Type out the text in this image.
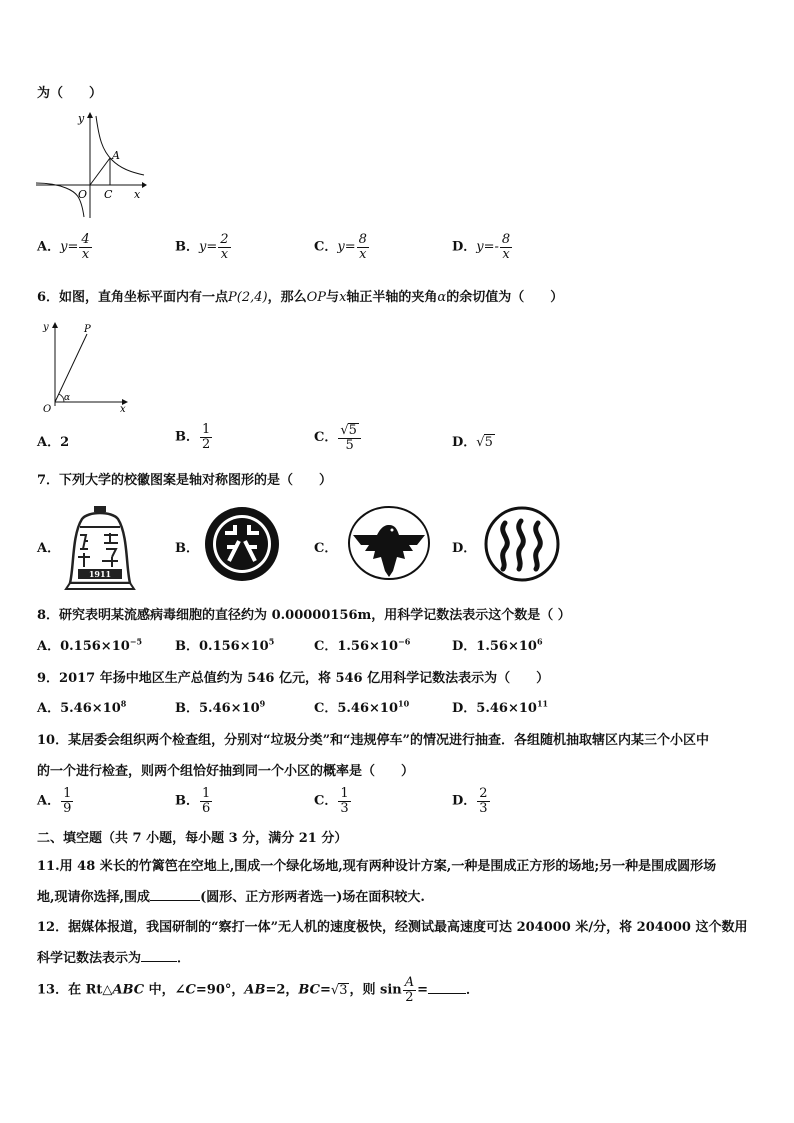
为（　　）
y
x
O
A
C
A．$y= \frac{4}{x}$	B．$y= \frac{2}{x}$	C．$y= \frac{8}{x}$	D．$y=- \frac{8}{x}$
6．如图，直角坐标平面内有一点P(2,4)，那么OP与x轴正半轴的夹角α的余切值为（　　）
y	P
O
α
x
A．2	B． $\frac{1}{2}$	C． $\frac{√5}{5}$	D．√5
7．下列大学的校徽图案是轴对称图形的是（　　）
A．
1911
B．	C．	D．
8．研究表明某流感病毒细胞的直径约为 0.00000156m，用科学记数法表示这个数是（ ）
A．$0.156\times 10^{-5}$	B．$0.156\times 10^5$	C．$1.56\times 10^{-6}$	D．$1.56\times 10^6$
9．2017 年扬中地区生产总值约为 546 亿元，将 546 亿用科学记数法表示为（　　）
A．$5.46\times 10^8$	B．$5.46\times 10^9$	C．$5.46\times 10^{10}$	D．$5.46\times 10^{11}$
10．某居委会组织两个检查组，分别对“垃圾分类”和“违规停车”的情况进行抽查．各组随机抽取辖区内某三个小区中
的一个进行检查，则两个组恰好抽到同一个小区的概率是（　　）
A． $\frac{1}{9}$	B． $\frac{1}{6}$	C． $\frac{1}{3}$	D． $\frac{2}{3}$
二、填空题（共 7 小题，每小题 3 分，满分 21 分）
11.用 48 米长的竹篱笆在空地上,围成一个绿化场地,现有两种设计方案,一种是围成正方形的场地;另一种是围成圆形场
地,现请你选择,围成	(圆形、正方形两者选一)场在面积较大.
12．据媒体报道，我国研制的“察打一体”无人机的速度极快，经测试最高速度可达 204000 米/分，将 204000 这个数用
科学记数法表示为	．
13．在 Rt△ABC 中，∠C=90°，AB=2，BC=√3 ，则 $\sin \frac{A}{2}$ =	．
